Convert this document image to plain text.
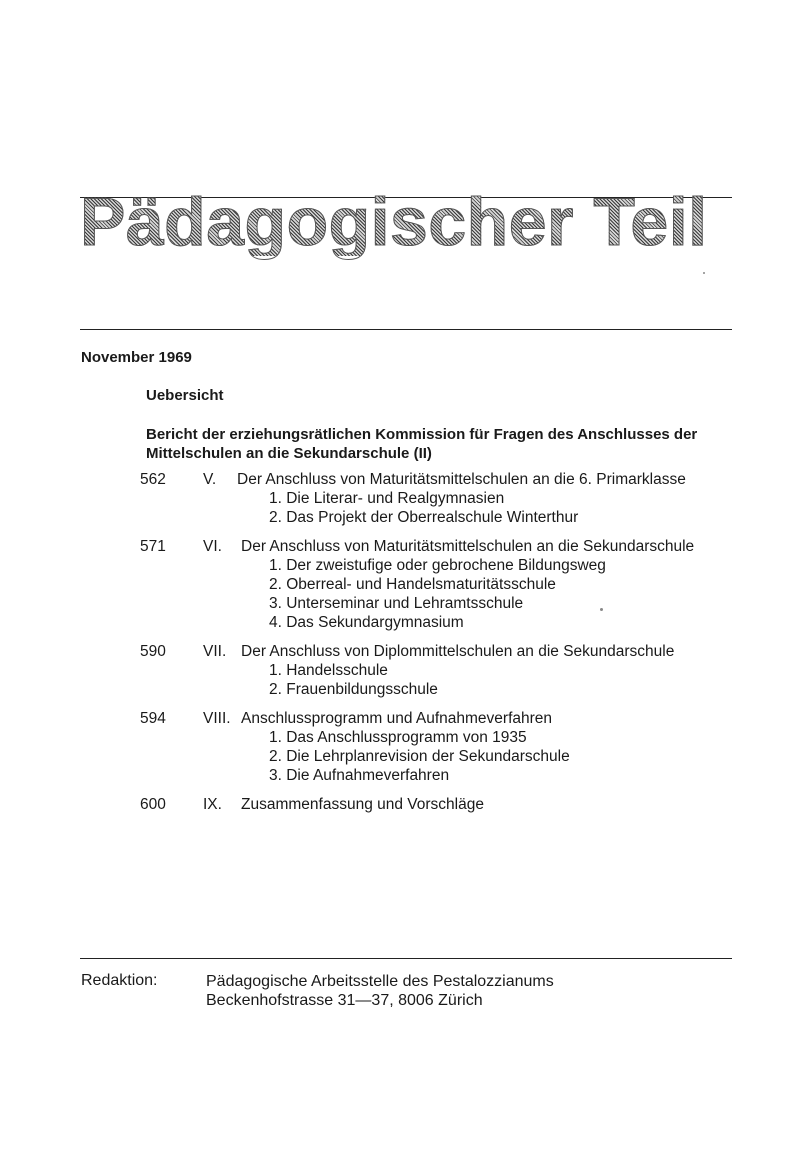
Pädagogischer Teil
November 1969
Uebersicht
Bericht der erziehungsrätlichen Kommission für Fragen des Anschlusses der Mittelschulen an die Sekundarschule (II)
562 V. Der Anschluss von Maturitätsmittelschulen an die 6. Primarklasse
1. Die Literar- und Realgymnasien
2. Das Projekt der Oberrealschule Winterthur
571 VI. Der Anschluss von Maturitätsmittelschulen an die Sekundarschule
1. Der zweistufige oder gebrochene Bildungsweg
2. Oberreal- und Handelsmaturitätsschule
3. Unterseminar und Lehramtsschule
4. Das Sekundargymnasium
590 VII. Der Anschluss von Diplommittelschulen an die Sekundarschule
1. Handelsschule
2. Frauenbildungsschule
594 VIII. Anschlussprogramm und Aufnahmeverfahren
1. Das Anschlussprogramm von 1935
2. Die Lehrplanrevision der Sekundarschule
3. Die Aufnahmeverfahren
600 IX. Zusammenfassung und Vorschläge
Redaktion:	Pädagogische Arbeitsstelle des Pestalozzianums
Beckenhofstrasse 31—37, 8006 Zürich
